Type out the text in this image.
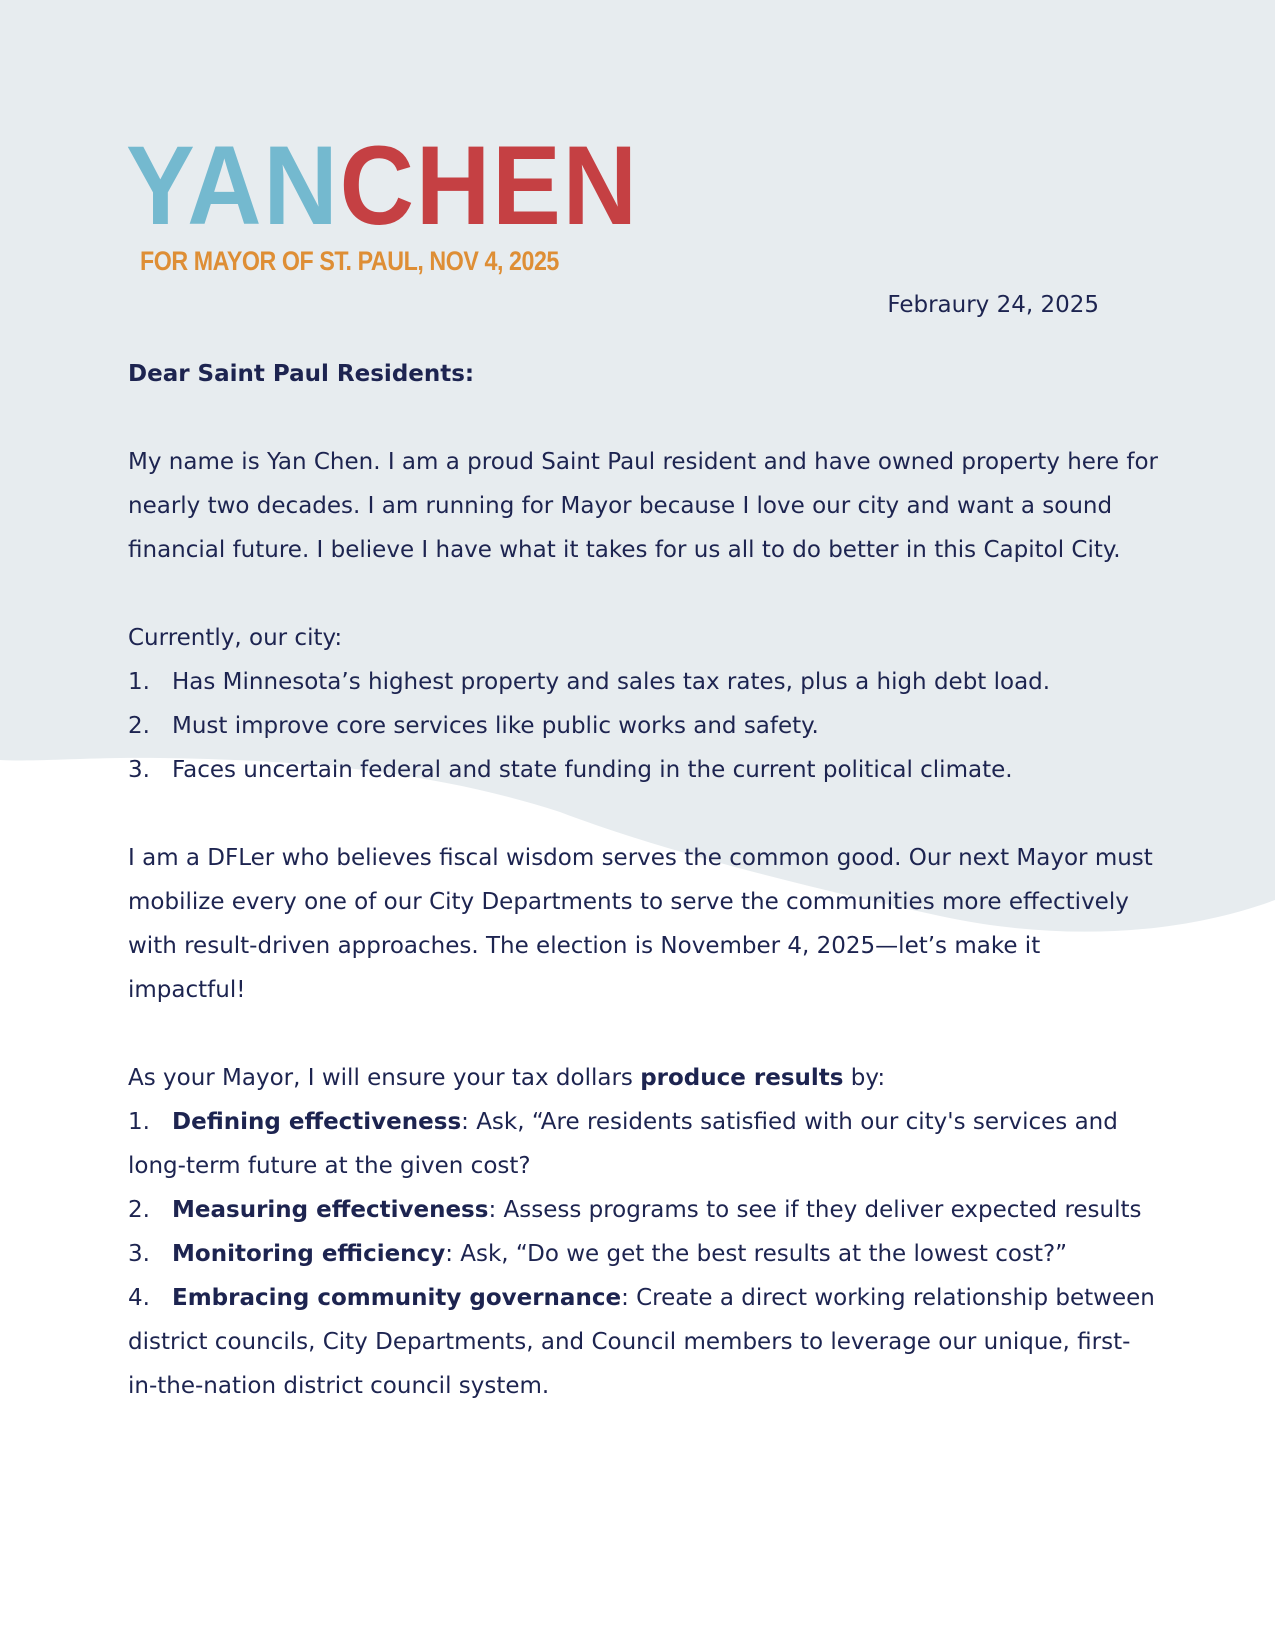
YANCHEN
FOR MAYOR OF ST. PAUL, NOV 4, 2025
Febraury 24, 2025
Dear Saint Paul Residents:

My name is Yan Chen. I am a proud Saint Paul resident and have owned property here for nearly two decades. I am running for Mayor because I love our city and want a sound financial future. I believe I have what it takes for us all to do better in this Capitol City.

Currently, our city:
1. Has Minnesota’s highest property and sales tax rates, plus a high debt load.
2. Must improve core services like public works and safety.
3. Faces uncertain federal and state funding in the current political climate.

I am a DFLer who believes fiscal wisdom serves the common good. Our next Mayor must mobilize every one of our City Departments to serve the communities more effectively with result-driven approaches. The election is November 4, 2025—let’s make it impactful!

As your Mayor, I will ensure your tax dollars produce results by:
1. Defining effectiveness: Ask, “Are residents satisfied with our city's services and long-term future at the given cost?
2. Measuring effectiveness: Assess programs to see if they deliver expected results
3. Monitoring efficiency: Ask, “Do we get the best results at the lowest cost?”
4. Embracing community governance: Create a direct working relationship between district councils, City Departments, and Council members to leverage our unique, first-in-the-nation district council system.
